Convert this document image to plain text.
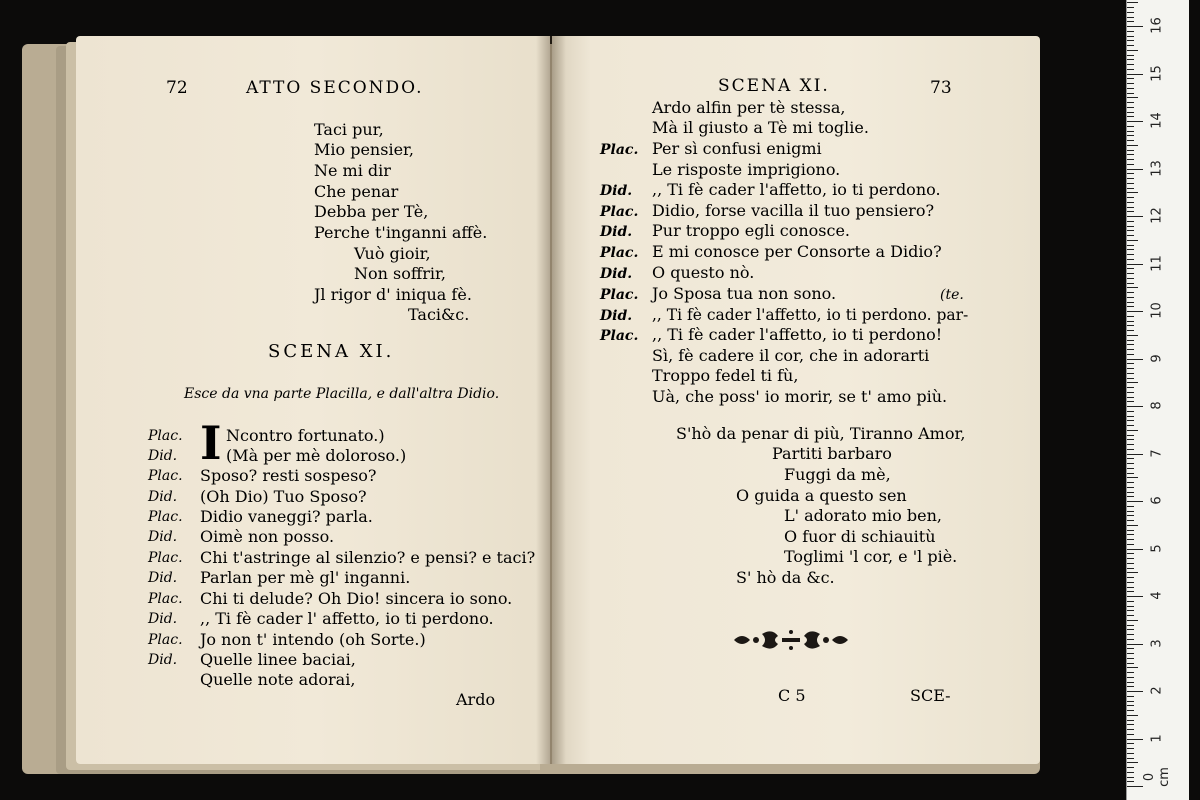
72	ATTO SECONDO.
Taci pur,
Mio pensier,
Ne mi dir
Che penar
Debba per Tè,
Perche t'inganni affè.
Vuò gioir,
Non soffrir,
Jl rigor d' iniqua fè.
Taci&c.
SCENA XI.
Esce da vna parte Placilla, e dall'altra Didio.
I
Plac.	Ncontro fortunato.)
Did.	(Mà per mè doloroso.)
Plac. Sposo? resti sospeso?
Did. (Oh Dio) Tuo Sposo?
Plac. Didio vaneggi? parla.
Did. Oimè non posso.
Plac. Chi t'astringe al silenzio? e pensi? e taci?
Did. Parlan per mè gl' inganni.
Plac. Chi ti delude? Oh Dio! sincera io sono.
Did. ,, Ti fè cader l' affetto, io ti perdono.
Plac. Jo non t' intendo (oh Sorte.)
Did. Quelle linee baciai,
Quelle note adorai,
Ardo
SCENA XI.	73
Ardo alfin per tè stessa,
Mà il giusto a Tè mi toglie.
Plac. Per sì confusi enigmi
Le risposte imprigiono.
Did. ,, Ti fè cader l'affetto, io ti perdono.
Plac. Didio, forse vacilla il tuo pensiero?
Did. Pur troppo egli conosce.
Plac. E mi conosce per Consorte a Didio?
Did. O questo nò.
Plac. Jo Sposa tua non sono.	(te.
Did. ,, Ti fè cader l'affetto, io ti perdono. par-
Plac. ,, Ti fè cader l'affetto, io ti perdono!
Sì, fè cadere il cor, che in adorarti
Troppo fedel ti fù,
Uà, che poss' io morir, se t' amo più.
S'hò da penar di più, Tiranno Amor,
Partiti barbaro
Fuggi da mè,
O guida a questo sen
L' adorato mio ben,
O fuor di schiauitù
Toglimi 'l cor, e 'l piè.
S' hò da &c.
C 5	SCE-
0 cm
1
2
3
4
5
6
7
8
9
10
11
12
13
14
15
16
